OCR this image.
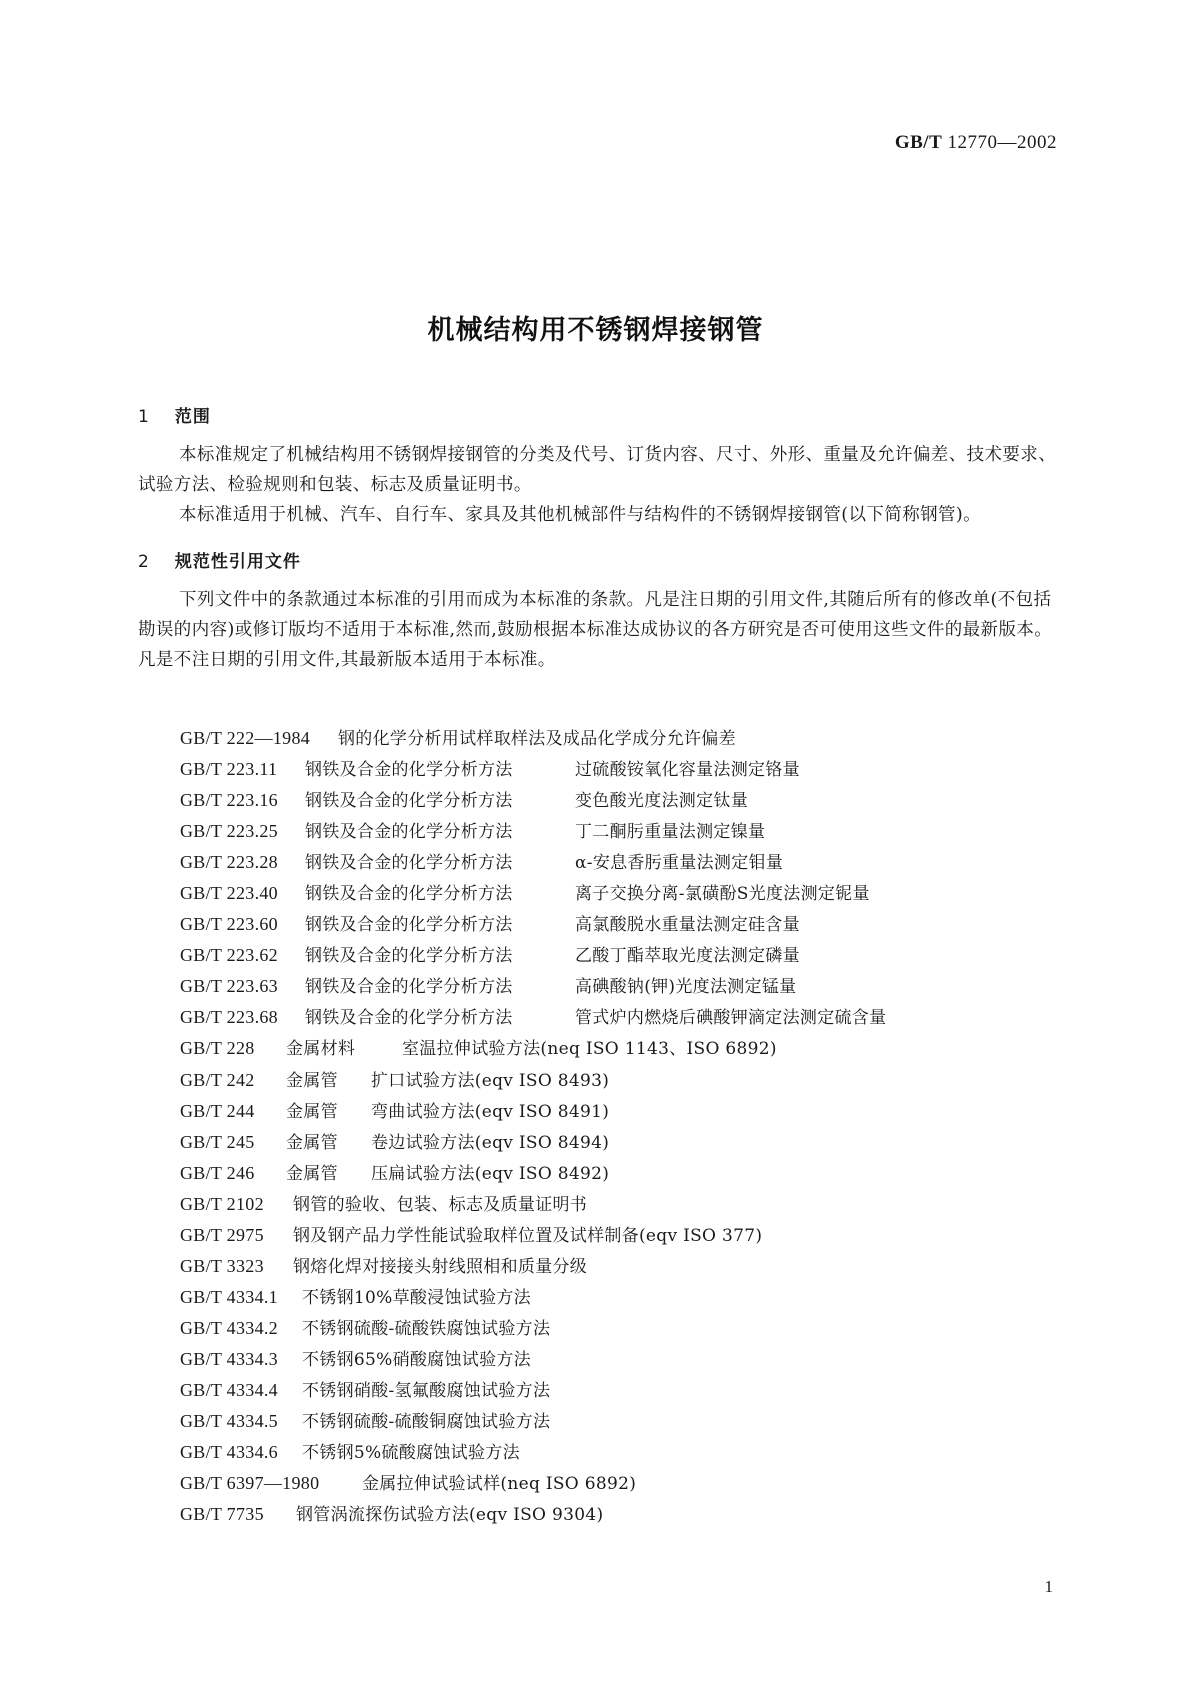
GB/T 12770—2002
机械结构用不锈钢焊接钢管
1 范围
本标准规定了机械结构用不锈钢焊接钢管的分类及代号、订货内容、尺寸、外形、重量及允许偏差、技术要求、试验方法、检验规则和包装、标志及质量证明书。
本标准适用于机械、汽车、自行车、家具及其他机械部件与结构件的不锈钢焊接钢管(以下简称钢管)。
2 规范性引用文件
下列文件中的条款通过本标准的引用而成为本标准的条款。凡是注日期的引用文件,其随后所有的修改单(不包括勘误的内容)或修订版均不适用于本标准,然而,鼓励根据本标准达成协议的各方研究是否可使用这些文件的最新版本。凡是不注日期的引用文件,其最新版本适用于本标准。
GB/T 222—1984 钢的化学分析用试样取样法及成品化学成分允许偏差
GB/T 223.11 钢铁及合金的化学分析方法	过硫酸铵氧化容量法测定铬量
GB/T 223.16 钢铁及合金的化学分析方法	变色酸光度法测定钛量
GB/T 223.25 钢铁及合金的化学分析方法	丁二酮肟重量法测定镍量
GB/T 223.28 钢铁及合金的化学分析方法	α-安息香肟重量法测定钼量
GB/T 223.40 钢铁及合金的化学分析方法	离子交换分离-氯磺酚S光度法测定铌量
GB/T 223.60 钢铁及合金的化学分析方法	高氯酸脱水重量法测定硅含量
GB/T 223.62 钢铁及合金的化学分析方法	乙酸丁酯萃取光度法测定磷量
GB/T 223.63 钢铁及合金的化学分析方法	高碘酸钠(钾)光度法测定锰量
GB/T 223.68 钢铁及合金的化学分析方法	管式炉内燃烧后碘酸钾滴定法测定硫含量
GB/T 228 金属材料	室温拉伸试验方法(neq ISO 1143、ISO 6892)
GB/T 242 金属管 扩口试验方法(eqv ISO 8493)
GB/T 244 金属管 弯曲试验方法(eqv ISO 8491)
GB/T 245 金属管 卷边试验方法(eqv ISO 8494)
GB/T 246 金属管 压扁试验方法(eqv ISO 8492)
GB/T 2102 钢管的验收、包装、标志及质量证明书
GB/T 2975 钢及钢产品力学性能试验取样位置及试样制备(eqv ISO 377)
GB/T 3323 钢熔化焊对接接头射线照相和质量分级
GB/T 4334.1 不锈钢10%草酸浸蚀试验方法
GB/T 4334.2 不锈钢硫酸-硫酸铁腐蚀试验方法
GB/T 4334.3 不锈钢65%硝酸腐蚀试验方法
GB/T 4334.4 不锈钢硝酸-氢氟酸腐蚀试验方法
GB/T 4334.5 不锈钢硫酸-硫酸铜腐蚀试验方法
GB/T 4334.6 不锈钢5%硫酸腐蚀试验方法
GB/T 6397—1980	金属拉伸试验试样(neq ISO 6892)
GB/T 7735 钢管涡流探伤试验方法(eqv ISO 9304)
1
